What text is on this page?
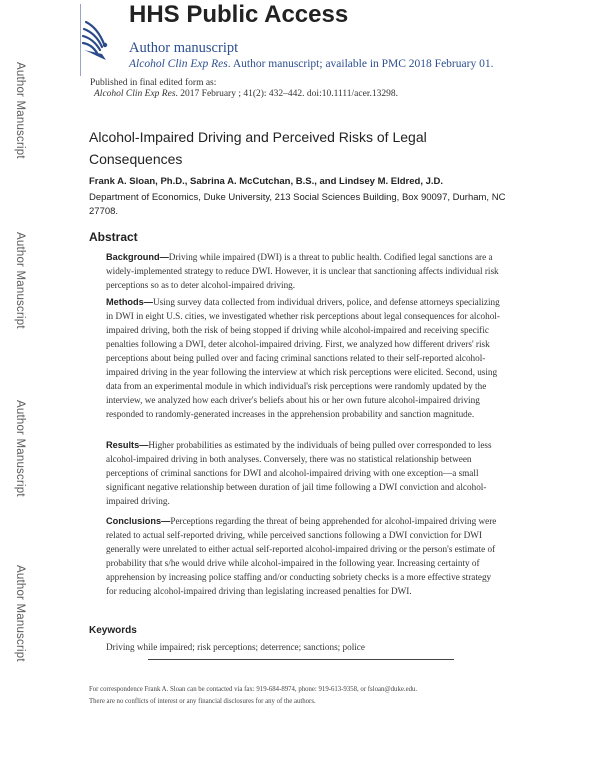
Author Manuscript
Author Manuscript
Author Manuscript
Author Manuscript
HHS Public Access
Author manuscript
Alcohol Clin Exp Res. Author manuscript; available in PMC 2018 February 01.
Published in final edited form as:
Alcohol Clin Exp Res. 2017 February ; 41(2): 432–442. doi:10.1111/acer.13298.
Alcohol-Impaired Driving and Perceived Risks of Legal Consequences
Frank A. Sloan, Ph.D., Sabrina A. McCutchan, B.S., and Lindsey M. Eldred, J.D.
Department of Economics, Duke University, 213 Social Sciences Building, Box 90097, Durham, NC 27708.
Abstract
Background—Driving while impaired (DWI) is a threat to public health. Codified legal sanctions are a widely-implemented strategy to reduce DWI. However, it is unclear that sanctioning affects individual risk perceptions so as to deter alcohol-impaired driving.
Methods—Using survey data collected from individual drivers, police, and defense attorneys specializing in DWI in eight U.S. cities, we investigated whether risk perceptions about legal consequences for alcohol-impaired driving, both the risk of being stopped if driving while alcohol-impaired and receiving specific penalties following a DWI, deter alcohol-impaired driving. First, we analyzed how different drivers' risk perceptions about being pulled over and facing criminal sanctions related to their self-reported alcohol-impaired driving in the year following the interview at which risk perceptions were elicited. Second, using data from an experimental module in which individual's risk perceptions were randomly updated by the interview, we analyzed how each driver's beliefs about his or her own future alcohol-impaired driving responded to randomly-generated increases in the apprehension probability and sanction magnitude.
Results—Higher probabilities as estimated by the individuals of being pulled over corresponded to less alcohol-impaired driving in both analyses. Conversely, there was no statistical relationship between perceptions of criminal sanctions for DWI and alcohol-impaired driving with one exception—a small significant negative relationship between duration of jail time following a DWI conviction and alcohol-impaired driving.
Conclusions—Perceptions regarding the threat of being apprehended for alcohol-impaired driving were related to actual self-reported driving, while perceived sanctions following a DWI conviction for DWI generally were unrelated to either actual self-reported alcohol-impaired driving or the person's estimate of probability that s/he would drive while alcohol-impaired in the following year. Increasing certainty of apprehension by increasing police staffing and/or conducting sobriety checks is a more effective strategy for reducing alcohol-impaired driving than legislating increased penalties for DWI.
Keywords
Driving while impaired; risk perceptions; deterrence; sanctions; police
For correspondence Frank A. Sloan can be contacted via fax: 919-684-8974, phone: 919-613-9358, or fsloan@duke.edu.
There are no conflicts of interest or any financial disclosures for any of the authors.
